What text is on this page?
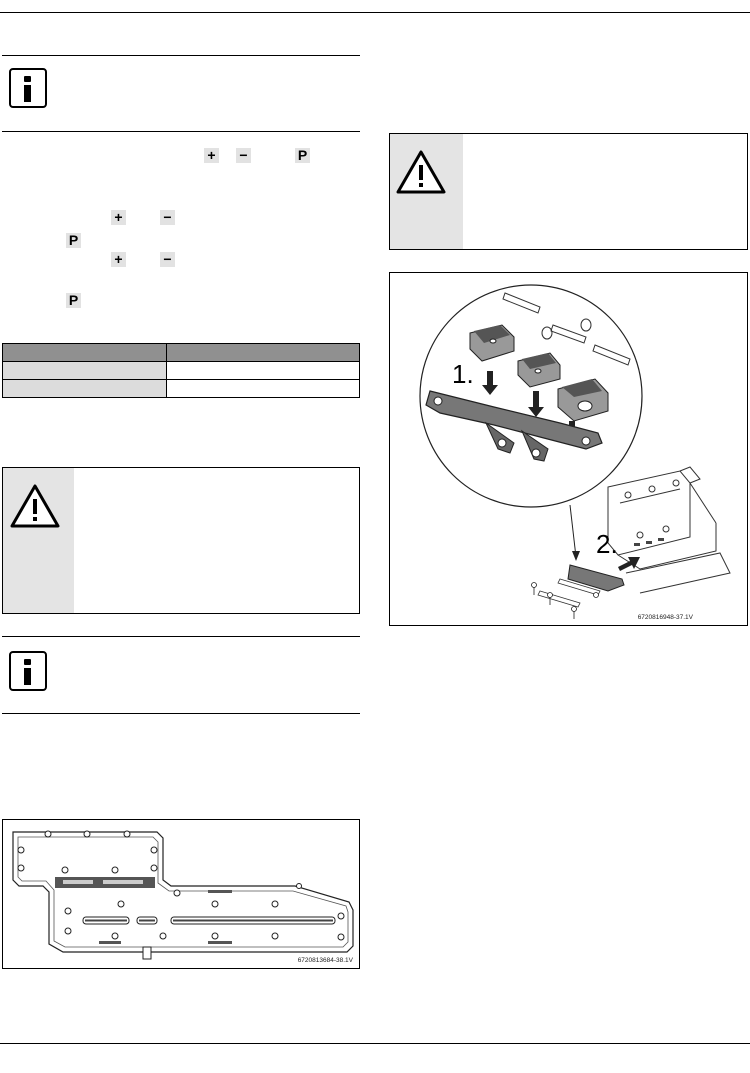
+ −	P
+	−
P
+	−
P

6720813684-38.1V
1.
2.
6720816948-37.1V
